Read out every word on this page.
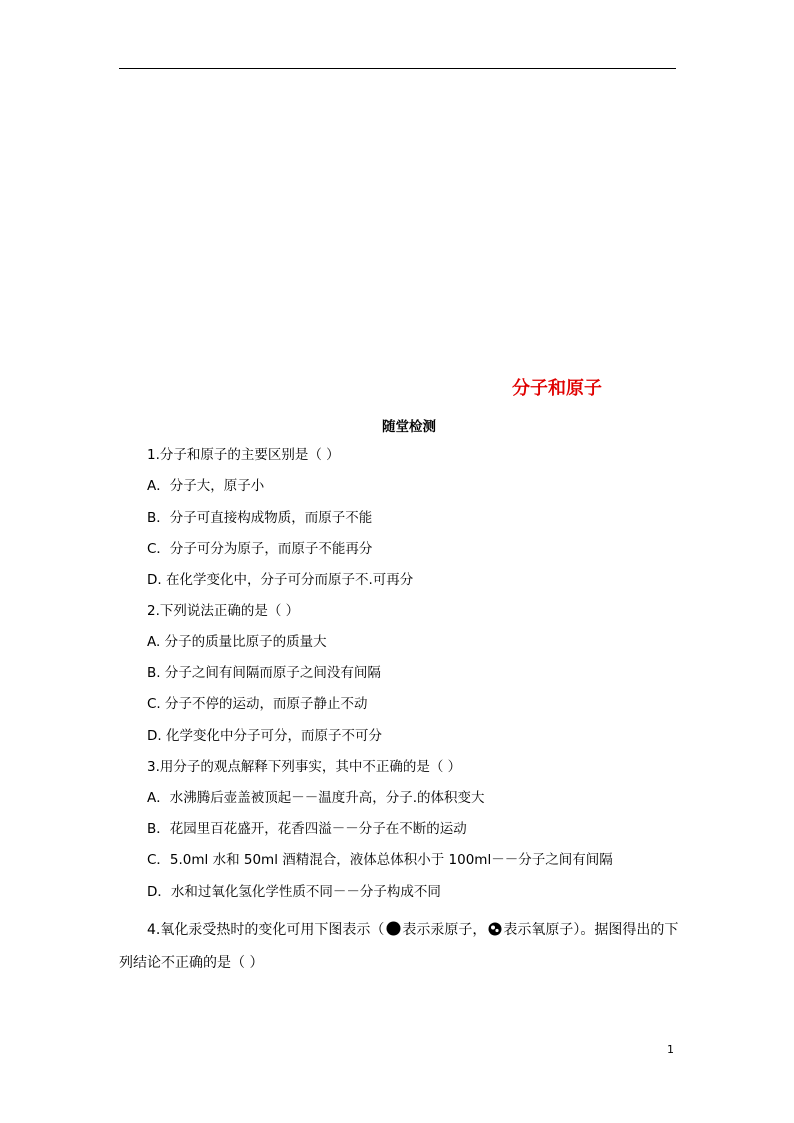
分子和原子
随堂检测
1.分子和原子的主要区别是（ ）
A．分子大，原子小
B．分子可直接构成物质，而原子不能
C．分子可分为原子，而原子不能再分
D. 在化学变化中，分子可分而原子不.可再分
2.下列说法正确的是（ ）
A. 分子的质量比原子的质量大
B. 分子之间有间隔而原子之间没有间隔
C. 分子不停的运动，而原子静止不动
D. 化学变化中分子可分，而原子不可分
3.用分子的观点解释下列事实，其中不正确的是（ ）
A．水沸腾后壶盖被顶起－－温度升高，分子.的体积变大
B．花园里百花盛开，花香四溢－－分子在不断的运动
C．5.0ml 水和 50ml 酒精混合，液体总体积小于 100ml－－分子之间有间隔
D．水和过氧化氢化学性质不同－－分子构成不同
4.氧化汞受热时的变化可用下图表示（ 表示汞原子， 表示氧原子）。据图得出的下
列结论不正确的是（ ）
1
